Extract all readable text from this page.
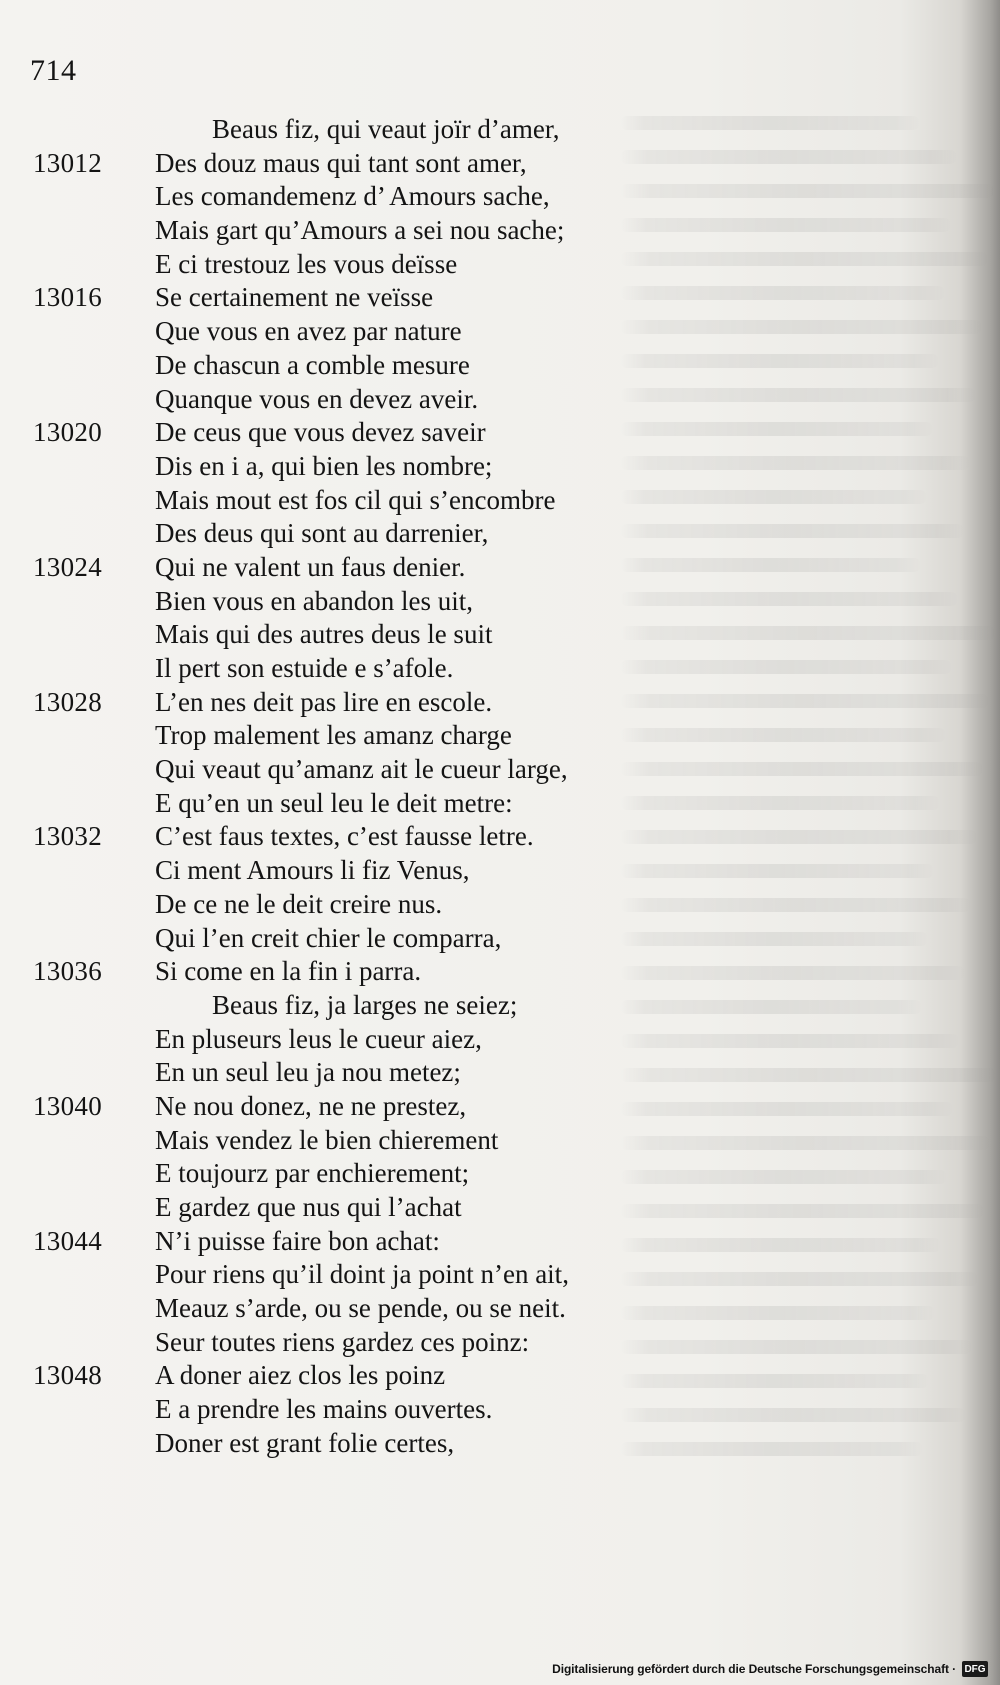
714
Beaus fiz, qui veaut joïr d’amer,
13012 Des douz maus qui tant sont amer,
Les comandemenz d’ Amours sache,
Mais gart qu’Amours a sei nou sache;
E ci trestouz les vous deïsse
13016 Se certainement ne veïsse
Que vous en avez par nature
De chascun a comble mesure
Quanque vous en devez aveir.
13020 De ceus que vous devez saveir
Dis en i a, qui bien les nombre;
Mais mout est fos cil qui s’encombre
Des deus qui sont au darrenier,
13024 Qui ne valent un faus denier.
Bien vous en abandon les uit,
Mais qui des autres deus le suit
Il pert son estuide e s’afole.
13028 L’en nes deit pas lire en escole.
Trop malement les amanz charge
Qui veaut qu’amanz ait le cueur large,
E qu’en un seul leu le deit metre:
13032 C’est faus textes, c’est fausse letre.
Ci ment Amours li fiz Venus,
De ce ne le deit creire nus.
Qui l’en creit chier le comparra,
13036 Si come en la fin i parra.
Beaus fiz, ja larges ne seiez;
En pluseurs leus le cueur aiez,
En un seul leu ja nou metez;
13040 Ne nou donez, ne ne prestez,
Mais vendez le bien chierement
E toujourz par enchierement;
E gardez que nus qui l’achat
13044 N’i puisse faire bon achat:
Pour riens qu’il doint ja point n’en ait,
Meauz s’arde, ou se pende, ou se neit.
Seur toutes riens gardez ces poinz:
13048 A doner aiez clos les poinz
E a prendre les mains ouvertes.
Doner est grant folie certes,
Digitalisierung gefördert durch die Deutsche Forschungsgemeinschaft · DFG
